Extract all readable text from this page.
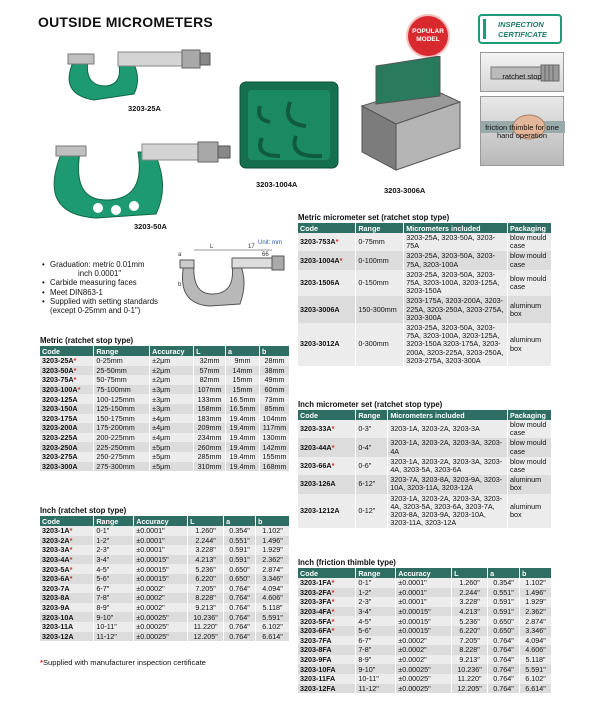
OUTSIDE MICROMETERS
POPULAR
MODEL
INSPECTION
CERTIFICATE
ratchet stop
friction thimble for one hand operation
3203-25A
3203-50A
3203-1004A
3203-3006A
L	17
66
a
b
Unit: mm
• Graduation: metric 0.01mm
inch 0.0001"
• Carbide measuring faces
• Meet DIN863-1
• Supplied with setting standards
(except 0-25mm and 0-1")
Metric (ratchet stop type)
Code	Range	Accuracy	L	a	b
3203-25A*	0-25mm	±2μm	32mm	9mm	28mm
3203-50A*	25-50mm	±2μm	57mm	14mm	38mm
3203-75A*	50-75mm	±2μm	82mm	15mm	49mm
3203-100A*	75-100mm	±3μm	107mm	15mm	60mm
3203-125A	100-125mm	±3μm	133mm	16.5mm	73mm
3203-150A	125-150mm	±3μm	158mm	16.5mm	85mm
3203-175A	150-175mm	±4μm	183mm	19.4mm	104mm
3203-200A	175-200mm	±4μm	209mm	19.4mm	117mm
3203-225A	200-225mm	±4μm	234mm	19.4mm	130mm
3203-250A	225-250mm	±5μm	260mm	19.4mm	142mm
3203-275A	250-275mm	±5μm	285mm	19.4mm	155mm
3203-300A	275-300mm	±5μm	310mm	19.4mm	168mm
Inch (ratchet stop type)
Code	Range	Accuracy	L	a	b
3203-1A*	0-1"	±0.0001"	1.260"	0.354"	1.102"
3203-2A*	1-2"	±0.0001"	2.244"	0.551"	1.496"
3203-3A*	2-3"	±0.0001"	3.228"	0.591"	1.929"
3203-4A*	3-4"	±0.00015"	4.213"	0.591"	2.362"
3203-5A*	4-5"	±0.00015"	5.236"	0.650"	2.874"
3203-6A*	5-6"	±0.00015"	6.220"	0.650"	3.346"
3203-7A	6-7"	±0.0002"	7.205"	0.764"	4.094"
3203-8A	7-8"	±0.0002"	8.228"	0.764"	4.606"
3203-9A	8-9"	±0.0002"	9.213"	0.764"	5.118"
3203-10A	9-10"	±0.00025"	10.236"	0.764"	5.591"
3203-11A	10-11"	±0.00025"	11.220"	0.764"	6.102"
3203-12A	11-12"	±0.00025"	12.205"	0.764"	6.614"
Metric micrometer set (ratchet stop type)
Code	Range	Micrometers included	Packaging
3203-753A*	0-75mm	3203-25A, 3203-50A, 3203-75A	blow mould case
3203-1004A*	0-100mm	3203-25A, 3203-50A, 3203-75A, 3203-100A	blow mould case
3203-1506A	0-150mm	3203-25A, 3203-50A, 3203-75A, 3203-100A, 3203-125A, 3203-150A	blow mould case
3203-3006A	150-300mm	3203-175A, 3203-200A, 3203-225A, 3203-250A, 3203-275A, 3203-300A	aluminum box
3203-3012A	0-300mm	3203-25A, 3203-50A, 3203-75A, 3203-100A, 3203-125A, 3203-150A 3203-175A, 3203-200A, 3203-225A, 3203-250A, 3203-275A, 3203-300A	aluminum box
Inch micrometer set (ratchet stop type)
Code	Range	Micrometers included	Packaging
3203-33A*	0-3"	3203-1A, 3203-2A, 3203-3A	blow mould case
3203-44A*	0-4"	3203-1A, 3203-2A, 3203-3A, 3203-4A	blow mould case
3203-66A*	0-6"	3203-1A, 3203-2A, 3203-3A, 3203-4A, 3203-5A, 3203-6A	blow mould case
3203-126A	6-12"	3203-7A, 3203-8A, 3203-9A, 3203-10A, 3203-11A, 3203-12A	aluminum box
3203-1212A	0-12"	3203-1A, 3203-2A, 3203-3A, 3203-4A, 3203-5A, 3203-6A, 3203-7A, 3203-8A, 3203-9A, 3203-10A, 3203-11A, 3203-12A	aluminum box
Inch (friction thimble type)
Code	Range	Accuracy	L	a	b
3203-1FA*	0-1"	±0.0001"	1.260"	0.354"	1.102"
3203-2FA*	1-2"	±0.0001"	2.244"	0.551"	1.496"
3203-3FA*	2-3"	±0.0001"	3.228"	0.591"	1.929"
3203-4FA*	3-4"	±0.00015"	4.213"	0.591"	2.362"
3203-5FA*	4-5"	±0.00015"	5.236"	0.650"	2.874"
3203-6FA*	5-6"	±0.00015"	6.220"	0.650"	3.346"
3203-7FA	6-7"	±0.0002"	7.205"	0.764"	4.094"
3203-8FA	7-8"	±0.0002"	8.228"	0.764"	4.606"
3203-9FA	8-9"	±0.0002"	9.213"	0.764"	5.118"
3203-10FA	9-10"	±0.00025"	10.236"	0.764"	5.591"
3203-11FA	10-11"	±0.00025"	11.220"	0.764"	6.102"
3203-12FA	11-12"	±0.00025"	12.205"	0.764"	6.614"
*Supplied with manufacturer inspection certificate
